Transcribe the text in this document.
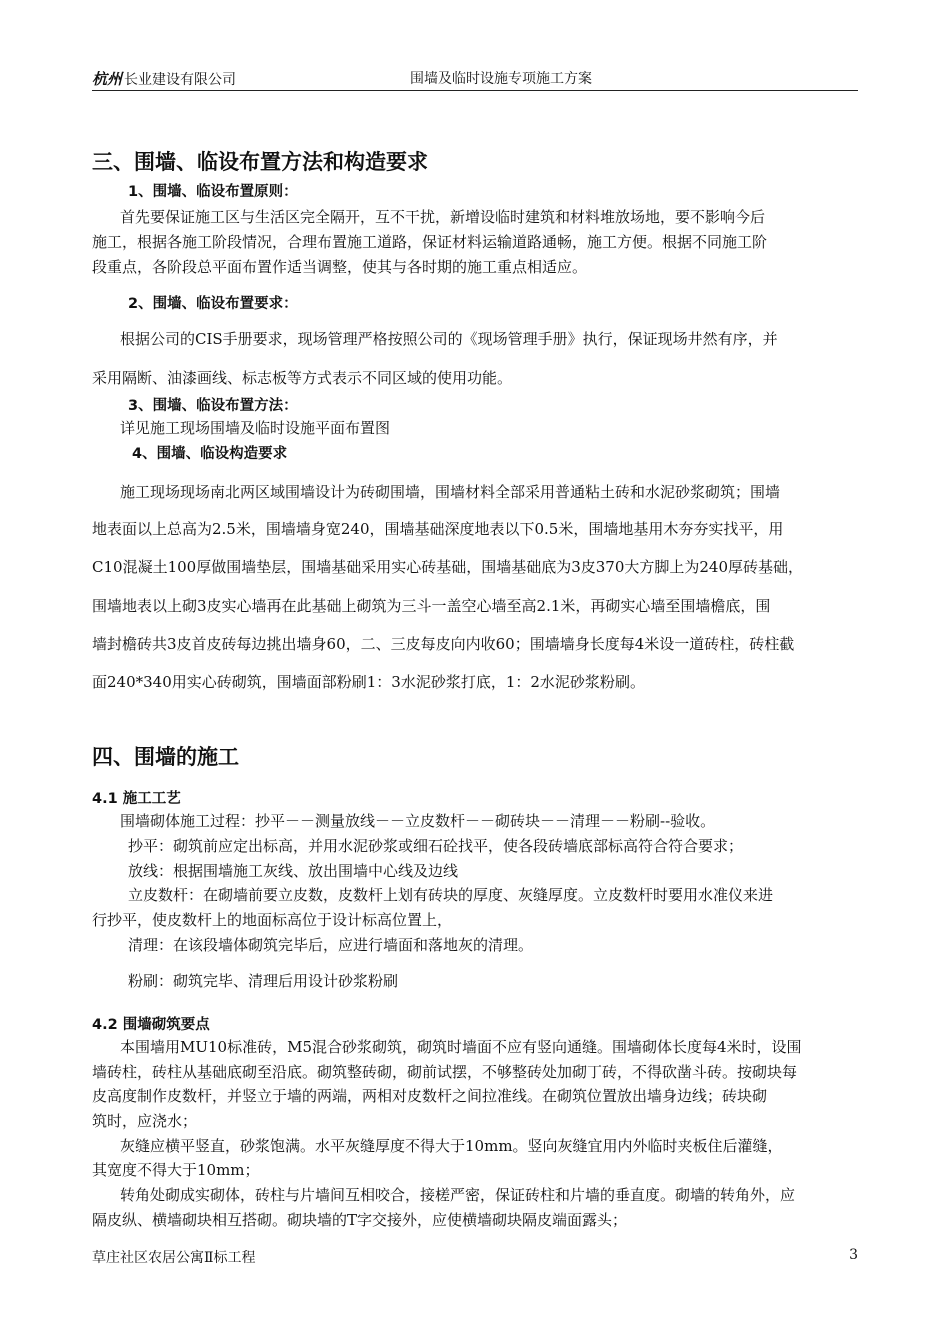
杭州 长业建设有限公司	围墙及临时设施专项施工方案
三、围墙、临设布置方法和构造要求
1、围墙、临设布置原则：
首先要保证施工区与生活区完全隔开，互不干扰，新增设临时建筑和材料堆放场地，要不影响今后
施工，根据各施工阶段情况，合理布置施工道路，保证材料运输道路通畅，施工方便。根据不同施工阶
段重点，各阶段总平面布置作适当调整，使其与各时期的施工重点相适应。
2、围墙、临设布置要求：
根据公司的CIS手册要求，现场管理严格按照公司的《现场管理手册》执行，保证现场井然有序，并
采用隔断、油漆画线、标志板等方式表示不同区域的使用功能。
3、围墙、临设布置方法：
详见施工现场围墙及临时设施平面布置图
4、围墙、临设构造要求
施工现场现场南北两区域围墙设计为砖砌围墙，围墙材料全部采用普通粘土砖和水泥砂浆砌筑；围墙
地表面以上总高为2.5米，围墙墙身宽240，围墙基础深度地表以下0.5米，围墙地基用木夯夯实找平，用
C10混凝土100厚做围墙垫层，围墙基础采用实心砖基础，围墙基础底为3皮370大方脚上为240厚砖基础，
围墙地表以上砌3皮实心墙再在此基础上砌筑为三斗一盖空心墙至高2.1米，再砌实心墙至围墙檐底，围
墙封檐砖共3皮首皮砖每边挑出墙身60，二、三皮每皮向内收60；围墙墙身长度每4米设一道砖柱，砖柱截
面240*340用实心砖砌筑，围墙面部粉刷1：3水泥砂浆打底，1：2水泥砂浆粉刷。
四、围墙的施工
4.1 施工工艺
围墙砌体施工过程：抄平－－测量放线－－立皮数杆－－砌砖块－－清理－－粉刷--验收。
抄平：砌筑前应定出标高，并用水泥砂浆或细石砼找平，使各段砖墙底部标高符合符合要求；
放线：根据围墙施工灰线、放出围墙中心线及边线
立皮数杆：在砌墙前要立皮数，皮数杆上划有砖块的厚度、灰缝厚度。立皮数杆时要用水准仪来进
行抄平，使皮数杆上的地面标高位于设计标高位置上，
清理：在该段墙体砌筑完毕后，应进行墙面和落地灰的清理。
粉刷：砌筑完毕、清理后用设计砂浆粉刷
4.2 围墙砌筑要点
本围墙用MU10标准砖，M5混合砂浆砌筑，砌筑时墙面不应有竖向通缝。围墙砌体长度每4米时，设围
墙砖柱，砖柱从基础底砌至沿底。砌筑整砖砌，砌前试摆，不够整砖处加砌丁砖，不得砍凿斗砖。按砌块每
皮高度制作皮数杆，并竖立于墙的两端，两相对皮数杆之间拉准线。在砌筑位置放出墙身边线；砖块砌
筑时，应浇水；
灰缝应横平竖直，砂浆饱满。水平灰缝厚度不得大于10mm。竖向灰缝宜用内外临时夹板住后灌缝，
其宽度不得大于10mm；
转角处砌成实砌体，砖柱与片墙间互相咬合，接槎严密，保证砖柱和片墙的垂直度。砌墙的转角外，应
隔皮纵、横墙砌块相互搭砌。砌块墙的T字交接外，应使横墙砌块隔皮端面露头；
草庄社区农居公寓Ⅱ标工程	3
